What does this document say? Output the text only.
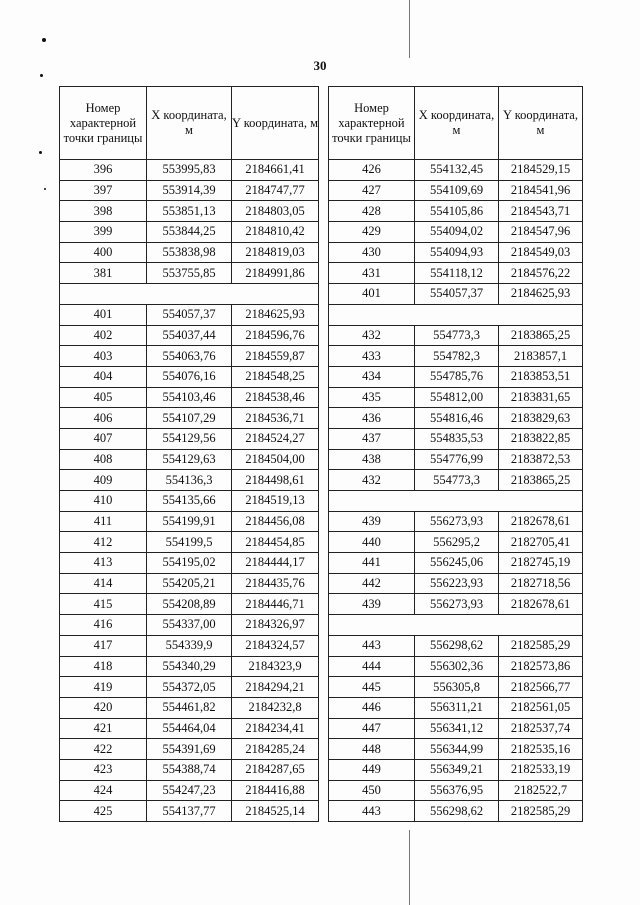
30
Номер характерной точки границы	X координата, м	Y координата, м
396	553995,83	2184661,41
397	553914,39	2184747,77
398	553851,13	2184803,05
399	553844,25	2184810,42
400	553838,98	2184819,03
381	553755,85	2184991,86

401	554057,37	2184625,93
402	554037,44	2184596,76
403	554063,76	2184559,87
404	554076,16	2184548,25
405	554103,46	2184538,46
406	554107,29	2184536,71
407	554129,56	2184524,27
408	554129,63	2184504,00
409	554136,3	2184498,61
410	554135,66	2184519,13
411	554199,91	2184456,08
412	554199,5	2184454,85
413	554195,02	2184444,17
414	554205,21	2184435,76
415	554208,89	2184446,71
416	554337,00	2184326,97
417	554339,9	2184324,57
418	554340,29	2184323,9
419	554372,05	2184294,21
420	554461,82	2184232,8
421	554464,04	2184234,41
422	554391,69	2184285,24
423	554388,74	2184287,65
424	554247,23	2184416,88
425	554137,77	2184525,14
Номер характерной точки границы	X координата, м	Y координата, м
426	554132,45	2184529,15
427	554109,69	2184541,96
428	554105,86	2184543,71
429	554094,02	2184547,96
430	554094,93	2184549,03
431	554118,12	2184576,22
401	554057,37	2184625,93

432	554773,3	2183865,25
433	554782,3	2183857,1
434	554785,76	2183853,51
435	554812,00	2183831,65
436	554816,46	2183829,63
437	554835,53	2183822,85
438	554776,99	2183872,53
432	554773,3	2183865,25

439	556273,93	2182678,61
440	556295,2	2182705,41
441	556245,06	2182745,19
442	556223,93	2182718,56
439	556273,93	2182678,61

443	556298,62	2182585,29
444	556302,36	2182573,86
445	556305,8	2182566,77
446	556311,21	2182561,05
447	556341,12	2182537,74
448	556344,99	2182535,16
449	556349,21	2182533,19
450	556376,95	2182522,7
443	556298,62	2182585,29
